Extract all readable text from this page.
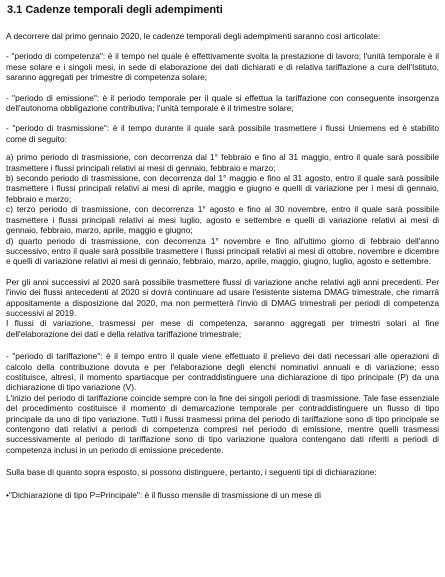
3.1 Cadenze temporali degli adempimenti

A decorrere dal primo gennaio 2020, le cadenze temporali degli adempimenti saranno così articolate:

- "periodo di competenza": è il tempo nel quale è effettivamente svolta la prestazione di lavoro; l'unità temporale è il mese solare e i singoli mesi, in sede di elaborazione dei dati dichiarati e di relativa tariffazione a cura dell'Istituto, saranno aggregati per trimestre di competenza solare;

- "periodo di emissione": è il periodo temporale per il quale si effettua la tariffazione con conseguente insorgenza dell'autonoma obbligazione contributiva; l'unità temporale è il trimestre solare;

- "periodo di trasmissione": è il tempo durante il quale sarà possibile trasmettere i flussi Uniemens ed è stabilito come di seguito:

a) primo periodo di trasmissione, con decorrenza dal 1° febbraio e fino al 31 maggio, entro il quale sarà possibile trasmettere i flussi principali relativi ai mesi di gennaio, febbraio e marzo;

b) secondo periodo di trasmissione, con decorrenza dal 1° maggio e fino al 31 agosto, entro il quale sarà possibile trasmettere i flussi principali relativi ai mesi di aprile, maggio e giugno e quelli di variazione per i mesi di gennaio, febbraio e marzo;

c) terzo periodo di trasmissione, con decorrenza 1° agosto e fino al 30 novembre, entro il quale sarà possibile trasmettere i flussi principali relativi ai mesi luglio, agosto e settembre e quelli di variazione relativi ai mesi di gennaio, febbraio, marzo, aprile, maggio e giugno;

d) quarto periodo di trasmissione, con decorrenza 1° novembre e fino all'ultimo giorno di febbraio dell'anno successivo, entro il quale sarà possibile trasmettere i flussi principali relativi ai mesi di ottobre, novembre e dicembre e quelli di variazione relativi ai mesi di gennaio, febbraio, marzo, aprile, maggio, giugno, luglio, agosto e settembre.

Per gli anni successivi al 2020 sarà possibile trasmettere flussi di variazione anche relativi agli anni precedenti. Per l'invio dei flussi antecedenti al 2020 si dovrà continuare ad usare l'esistente sistema DMAG trimestrale, che rimarrà appositamente a disposizione dal 2020, ma non permetterà l'invio di DMAG trimestrali per periodi di competenza successivi al 2019.

I flussi di variazione, trasmessi per mese di competenza, saranno aggregati per trimestri solari al fine dell'elaborazione dei dati e della relativa tariffazione trimestrale;

- "periodo di tariffazione": è il tempo entro il quale viene effettuato il prelievo dei dati necessari alle operazioni di calcolo della contribuzione dovuta e per l'elaborazione degli elenchi nominativi annuali e di variazione; esso costituisce, altresì, il momento spartiacque per contraddistinguere una dichiarazione di tipo principale (P) da una dichiarazione di tipo variazione (V).

L'inizio del periodo di tariffazione coincide sempre con la fine dei singoli periodi di trasmissione. Tale fase essenziale del procedimento costituisce il momento di demarcazione temporale per contraddistinguere un flusso di tipo principale da uno di tipo variazione. Tutti i flussi trasmessi prima del periodo di tariffazione sono di tipo principale se contengono dati relativi a periodi di competenza compresi nel periodo di emissione, mentre quelli trasmessi successivamente al periodo di tariffazione sono di tipo variazione qualora contengano dati riferiti a periodi di competenza inclusi in un periodo di emissione precedente.

Sulla base di quanto sopra esposto, si possono distinguere, pertanto, i seguenti tipi di dichiarazione:

•"Dichiarazione di tipo P=Principale": è il flusso mensile di trasmissione di un mese di
